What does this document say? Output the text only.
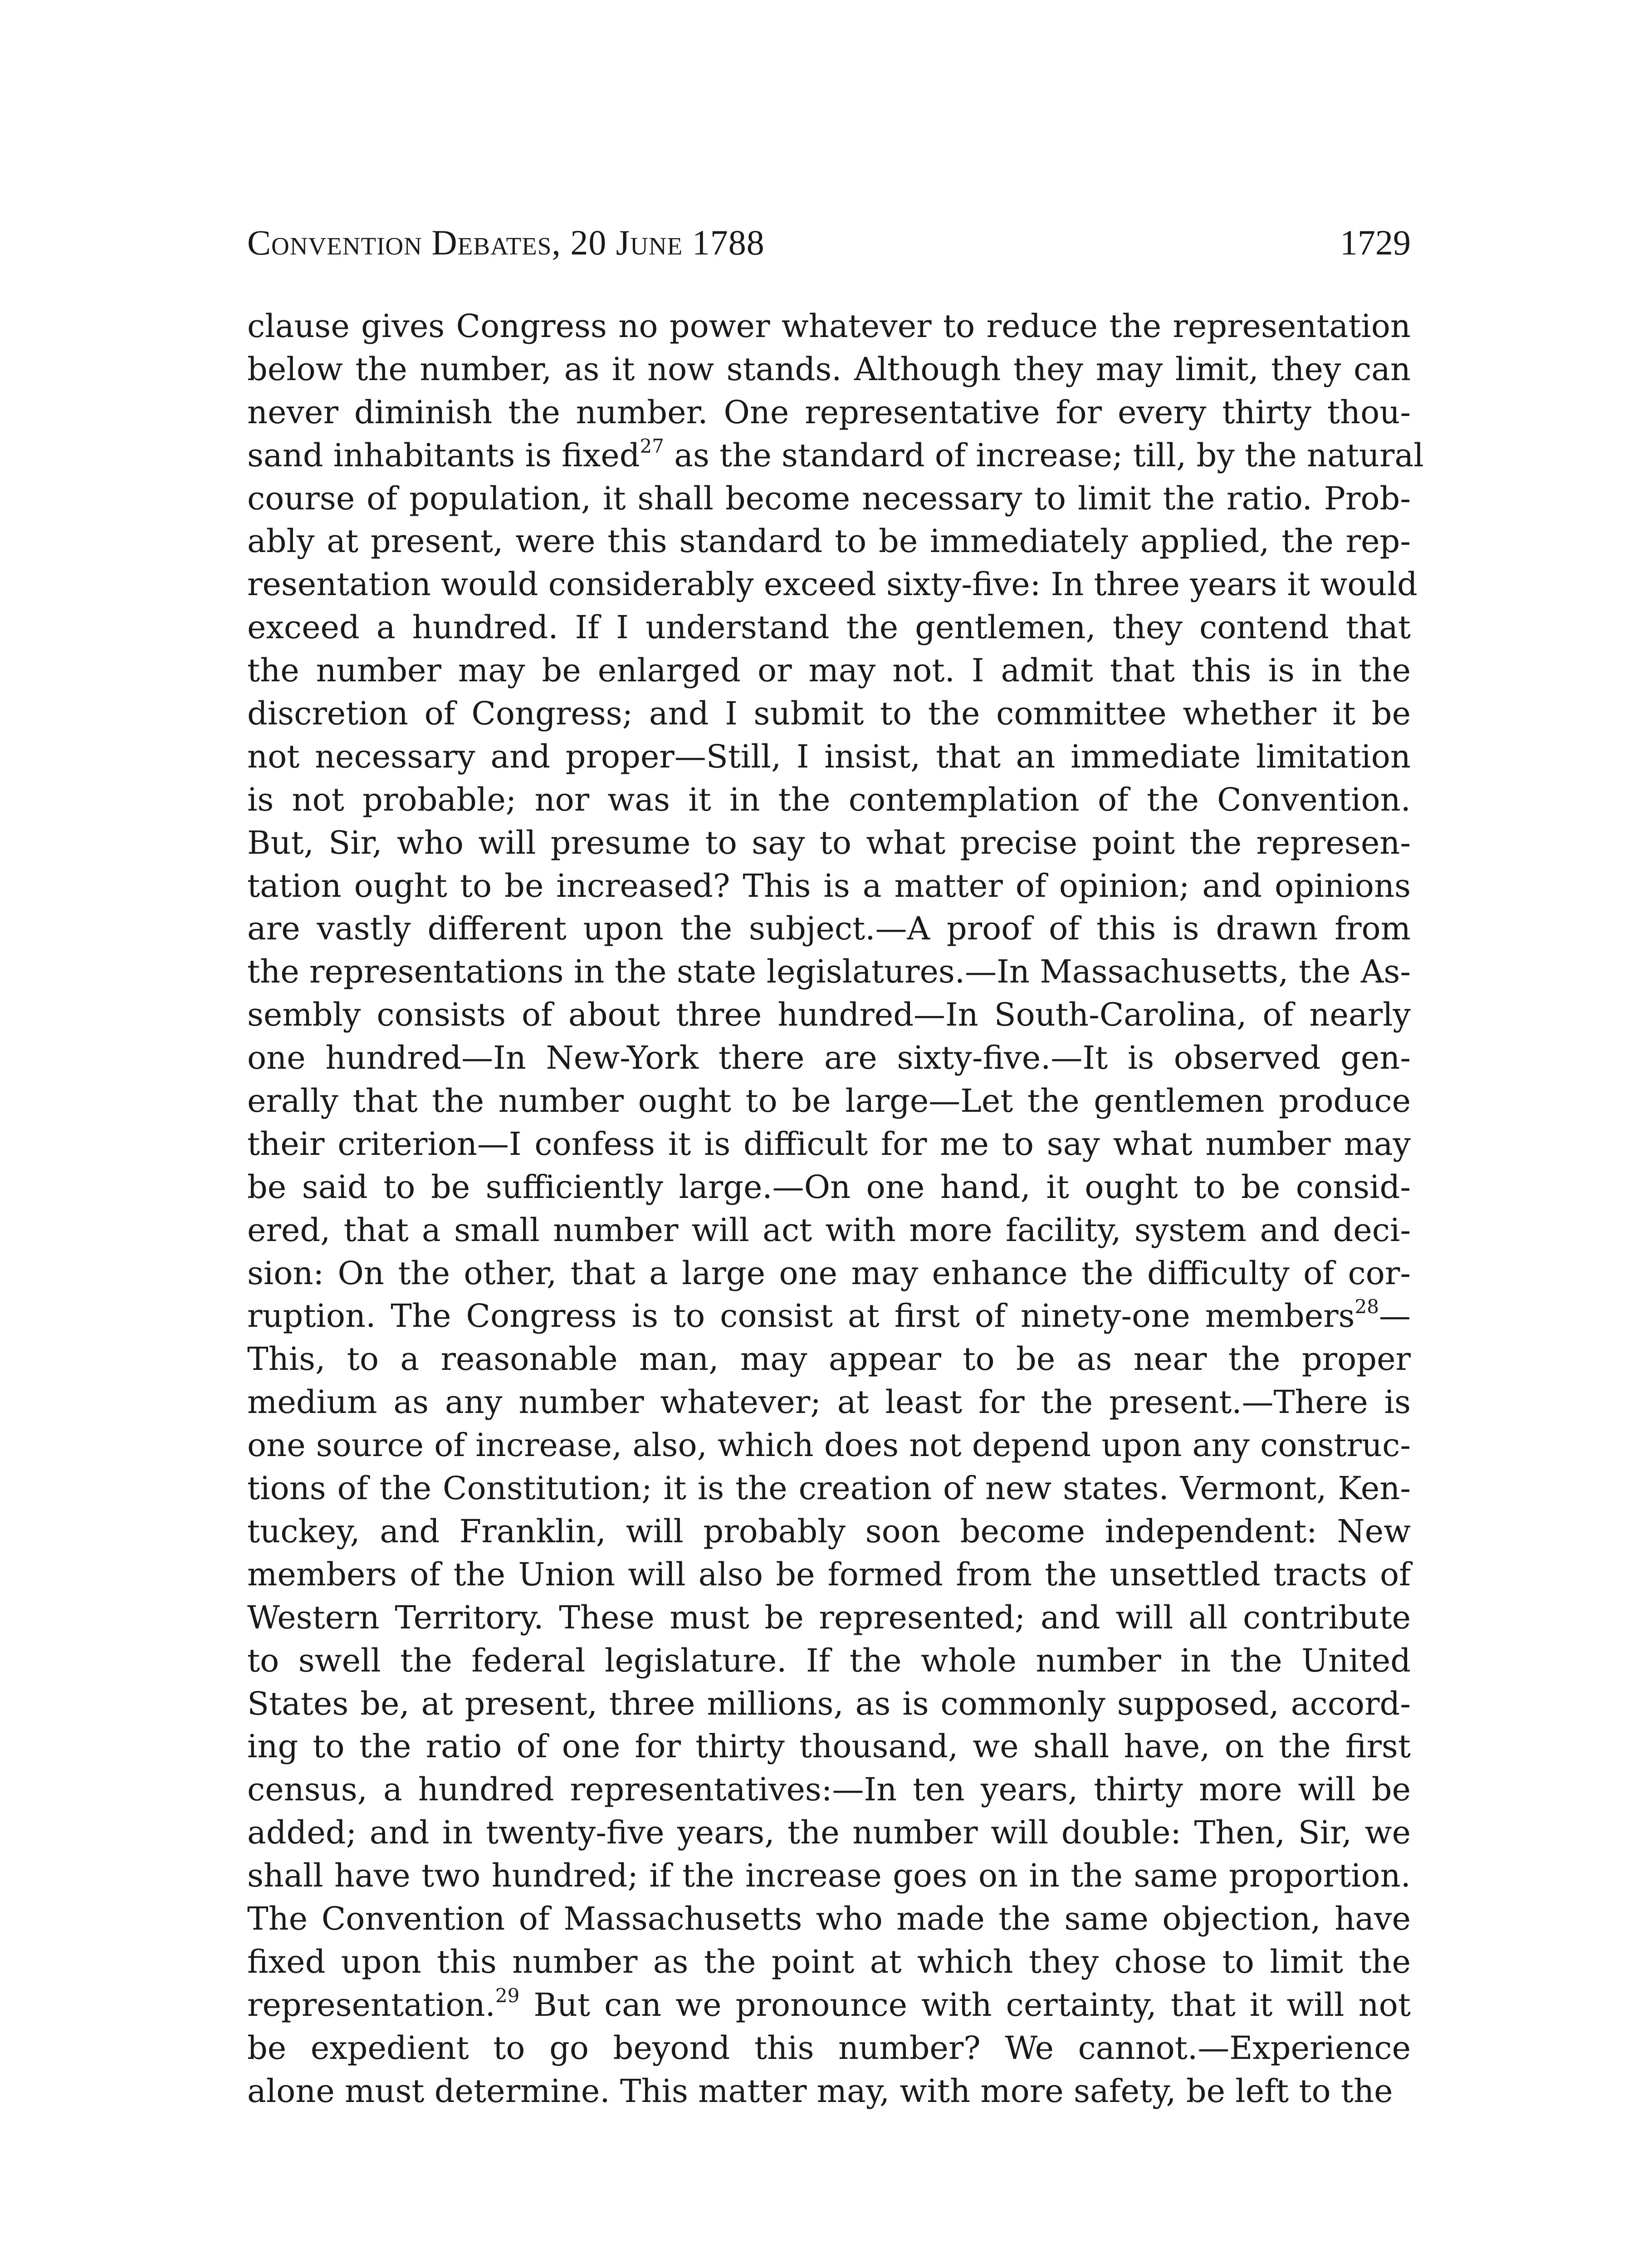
Convention Debates, 20 June 1788	1729
clause gives Congress no power whatever to reduce the representation
below the number, as it now stands. Although they may limit, they can
never diminish the number. One representative for every thirty thou-
sand inhabitants is fixed$^{27}$ as the standard of increase; till, by the natural
course of population, it shall become necessary to limit the ratio. Prob-
ably at present, were this standard to be immediately applied, the rep-
resentation would considerably exceed sixty-five: In three years it would
exceed a hundred. If I understand the gentlemen, they contend that
the number may be enlarged or may not. I admit that this is in the
discretion of Congress; and I submit to the committee whether it be
not necessary and proper—Still, I insist, that an immediate limitation
is not probable; nor was it in the contemplation of the Convention.
But, Sir, who will presume to say to what precise point the represen-
tation ought to be increased? This is a matter of opinion; and opinions
are vastly different upon the subject.—A proof of this is drawn from
the representations in the state legislatures.—In Massachusetts, the As-
sembly consists of about three hundred—In South-Carolina, of nearly
one hundred—In New-York there are sixty-five.—It is observed gen-
erally that the number ought to be large—Let the gentlemen produce
their criterion—I confess it is difficult for me to say what number may
be said to be sufficiently large.—On one hand, it ought to be consid-
ered, that a small number will act with more facility, system and deci-
sion: On the other, that a large one may enhance the difficulty of cor-
ruption. The Congress is to consist at first of ninety-one members$^{28}$—
This, to a reasonable man, may appear to be as near the proper
medium as any number whatever; at least for the present.—There is
one source of increase, also, which does not depend upon any construc-
tions of the Constitution; it is the creation of new states. Vermont, Ken-
tuckey, and Franklin, will probably soon become independent: New
members of the Union will also be formed from the unsettled tracts of
Western Territory. These must be represented; and will all contribute
to swell the federal legislature. If the whole number in the United
States be, at present, three millions, as is commonly supposed, accord-
ing to the ratio of one for thirty thousand, we shall have, on the first
census, a hundred representatives:—In ten years, thirty more will be
added; and in twenty-five years, the number will double: Then, Sir, we
shall have two hundred; if the increase goes on in the same proportion.
The Convention of Massachusetts who made the same objection, have
fixed upon this number as the point at which they chose to limit the
representation.$^{29}$ But can we pronounce with certainty, that it will not
be expedient to go beyond this number? We cannot.—Experience
alone must determine. This matter may, with more safety, be left to the
